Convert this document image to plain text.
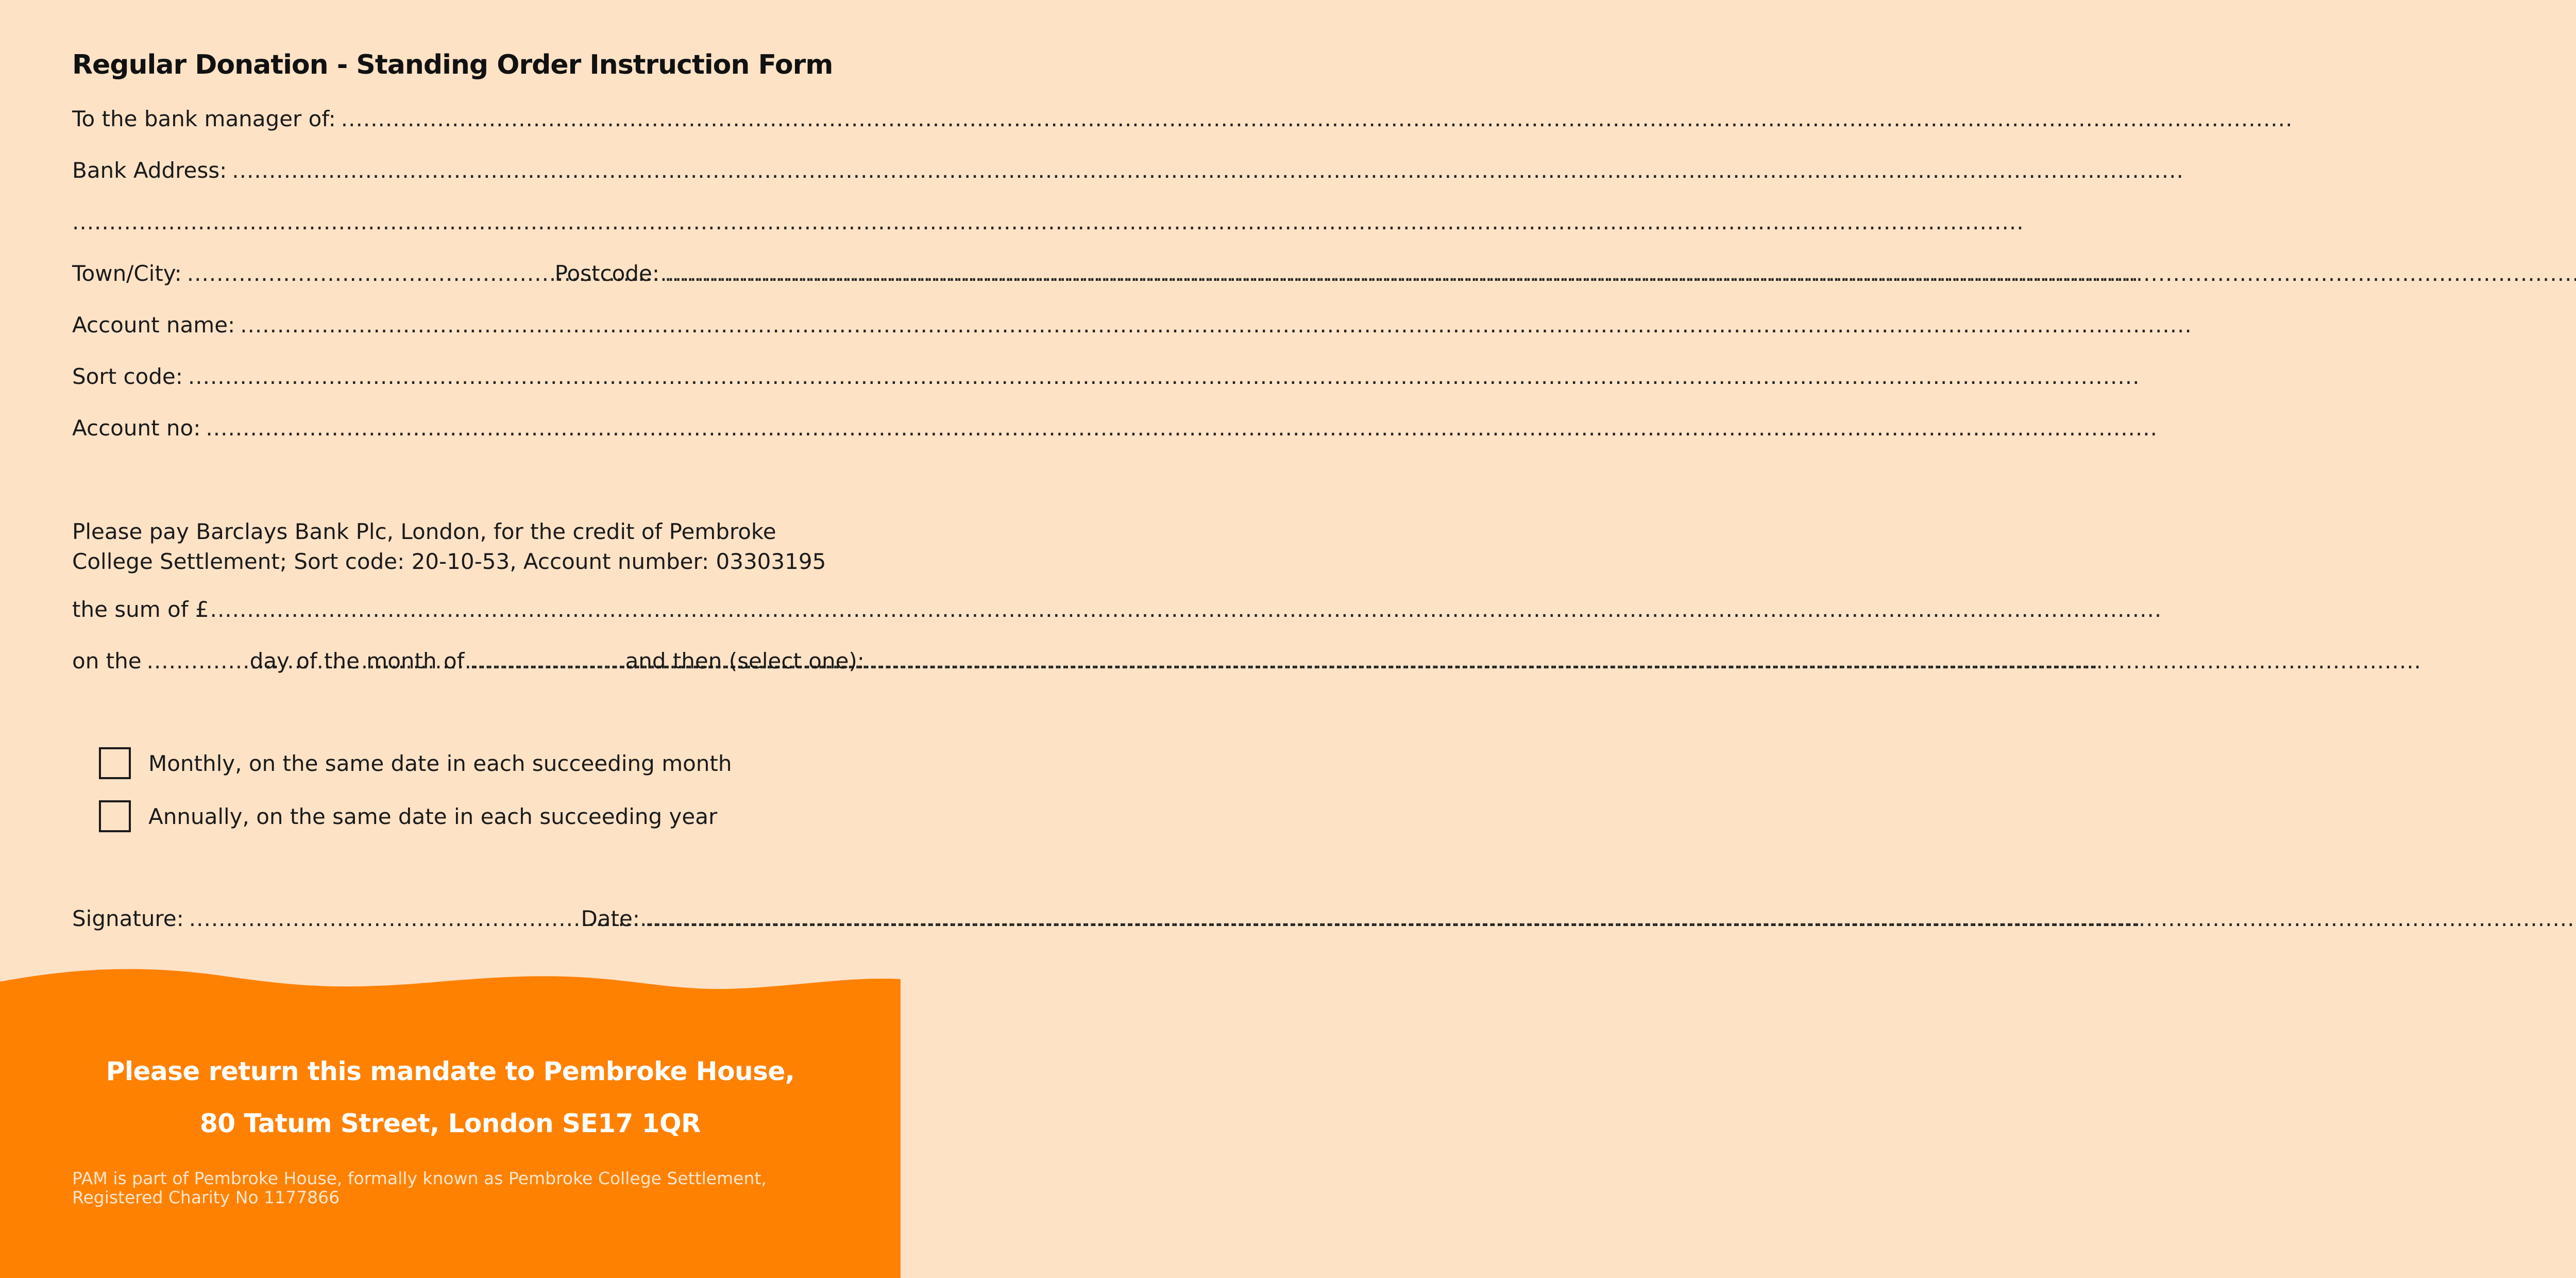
Regular Donation - Standing Order Instruction Form
To the bank manager of:
.....
Bank Address:
.....
.....
Town/City: .....	Postcode:
.....
Account name:
.....
Sort code:
.....
Account no:
.....
Please pay Barclays Bank Plc, London, for the credit of Pembroke College Settlement; Sort code: 20-10-53, Account number: 03303195
the sum of £
.....
on the .....	day of the month of .....	and then (select one):
Monthly, on the same date in each succeeding month
Annually, on the same date in each succeeding year
Signature: .....	Date:
.....
Please return this mandate to Pembroke House,
80 Tatum Street, London SE17 1QR
PAM is part of Pembroke House, formally known as Pembroke College Settlement, Registered Charity No 1177866
